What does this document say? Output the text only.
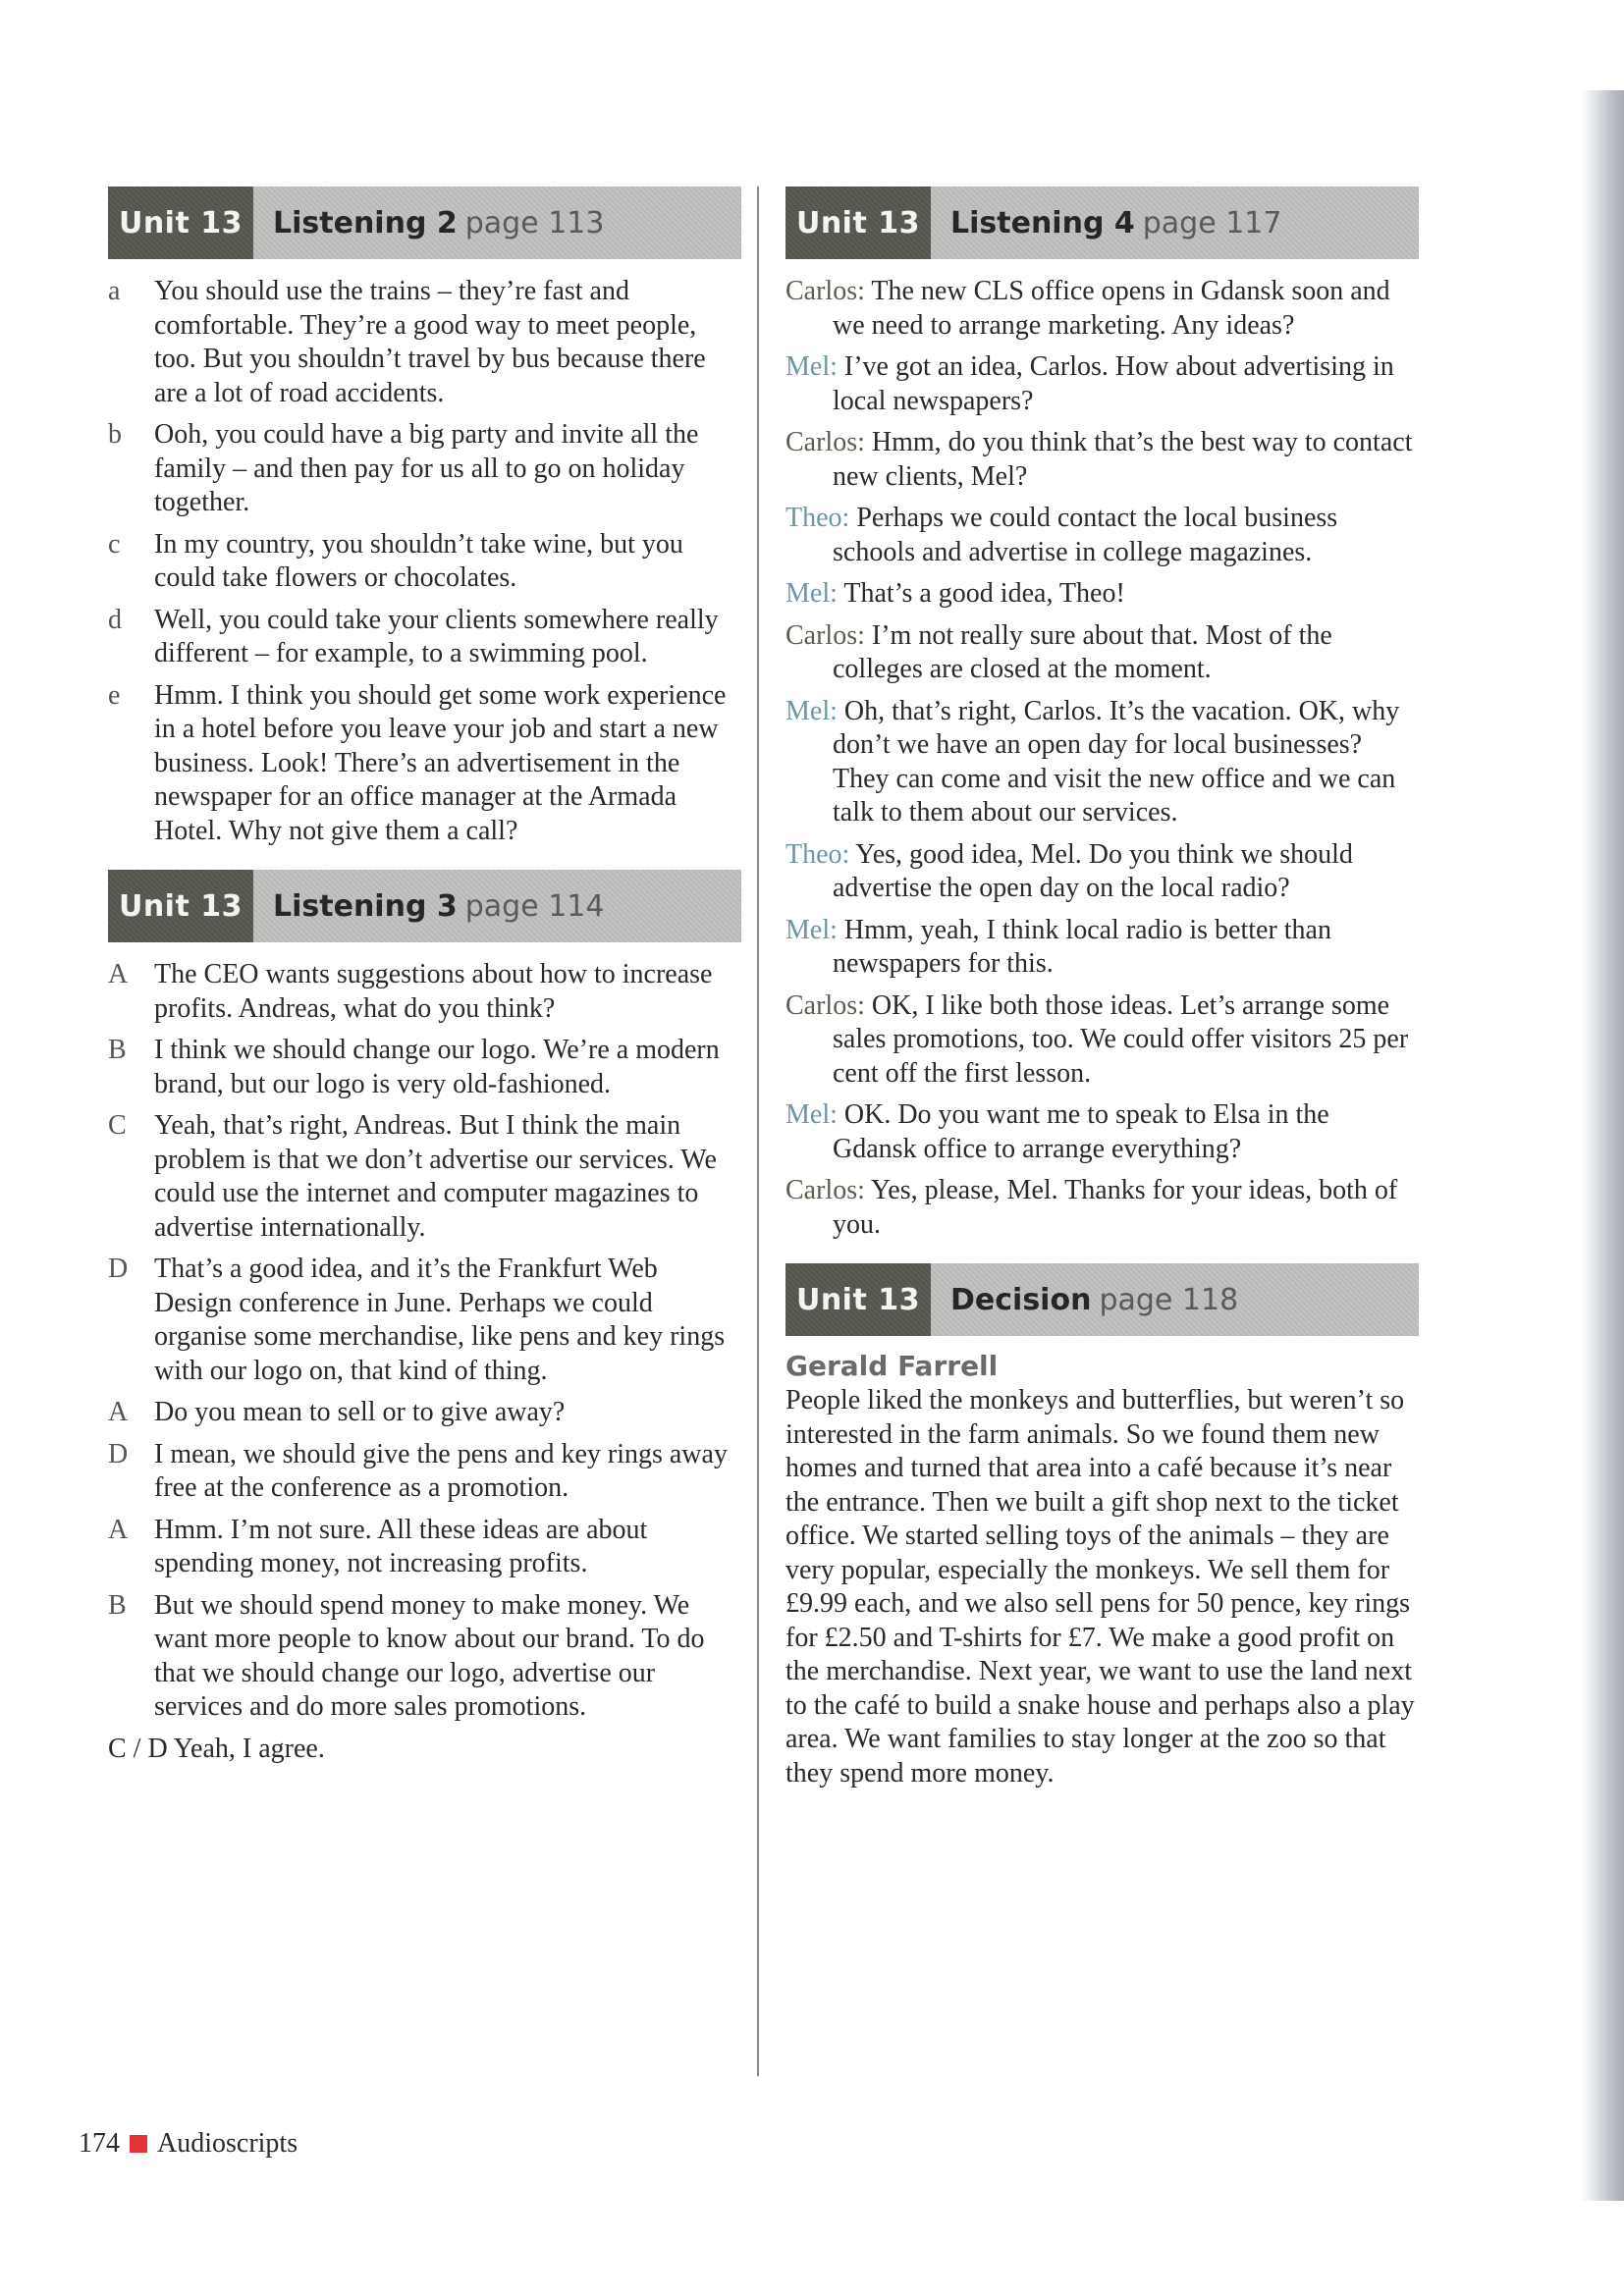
Unit 13	Listening 2 page 113
a	You should use the trains – they’re fast and comfortable. They’re a good way to meet people, too. But you shouldn’t travel by bus because there are a lot of road accidents.
b	Ooh, you could have a big party and invite all the family – and then pay for us all to go on holiday together.
c	In my country, you shouldn’t take wine, but you could take flowers or chocolates.
d	Well, you could take your clients somewhere really different – for example, to a swimming pool.
e	Hmm. I think you should get some work experience in a hotel before you leave your job and start a new business. Look! There’s an advertisement in the newspaper for an office manager at the Armada Hotel. Why not give them a call?
Unit 13	Listening 3 page 114
A The CEO wants suggestions about how to increase profits. Andreas, what do you think?
B	I think we should change our logo. We’re a modern brand, but our logo is very old-fashioned.
C	Yeah, that’s right, Andreas. But I think the main problem is that we don’t advertise our services. We could use the internet and computer magazines to advertise internationally.
D That’s a good idea, and it’s the Frankfurt Web Design conference in June. Perhaps we could organise some merchandise, like pens and key rings with our logo on, that kind of thing.
A Do you mean to sell or to give away?
D I mean, we should give the pens and key rings away free at the conference as a promotion.
A Hmm. I’m not sure. All these ideas are about spending money, not increasing profits.
B	But we should spend money to make money. We want more people to know about our brand. To do that we should change our logo, advertise our services and do more sales promotions.
C / D Yeah, I agree.
Unit 13	Listening 4 page 117
Carlos: The new CLS office opens in Gdansk soon and we need to arrange marketing. Any ideas?
Mel: I’ve got an idea, Carlos. How about advertising in local newspapers?
Carlos: Hmm, do you think that’s the best way to contact new clients, Mel?
Theo: Perhaps we could contact the local business schools and advertise in college magazines.
Mel: That’s a good idea, Theo!
Carlos: I’m not really sure about that. Most of the colleges are closed at the moment.
Mel: Oh, that’s right, Carlos. It’s the vacation. OK, why don’t we have an open day for local businesses? They can come and visit the new office and we can talk to them about our services.
Theo: Yes, good idea, Mel. Do you think we should advertise the open day on the local radio?
Mel: Hmm, yeah, I think local radio is better than newspapers for this.
Carlos: OK, I like both those ideas. Let’s arrange some sales promotions, too. We could offer visitors 25 per cent off the first lesson.
Mel: OK. Do you want me to speak to Elsa in the Gdansk office to arrange everything?
Carlos: Yes, please, Mel. Thanks for your ideas, both of you.
Unit 13	Decision page 118
Gerald Farrell
People liked the monkeys and butterflies, but weren’t so interested in the farm animals. So we found them new homes and turned that area into a café because it’s near the entrance. Then we built a gift shop next to the ticket office. We started selling toys of the animals – they are very popular, especially the monkeys. We sell them for £9.99 each, and we also sell pens for 50 pence, key rings for £2.50 and T-shirts for £7. We make a good profit on the merchandise. Next year, we want to use the land next to the café to build a snake house and perhaps also a play area. We want families to stay longer at the zoo so that they spend more money.
174 Audioscripts
